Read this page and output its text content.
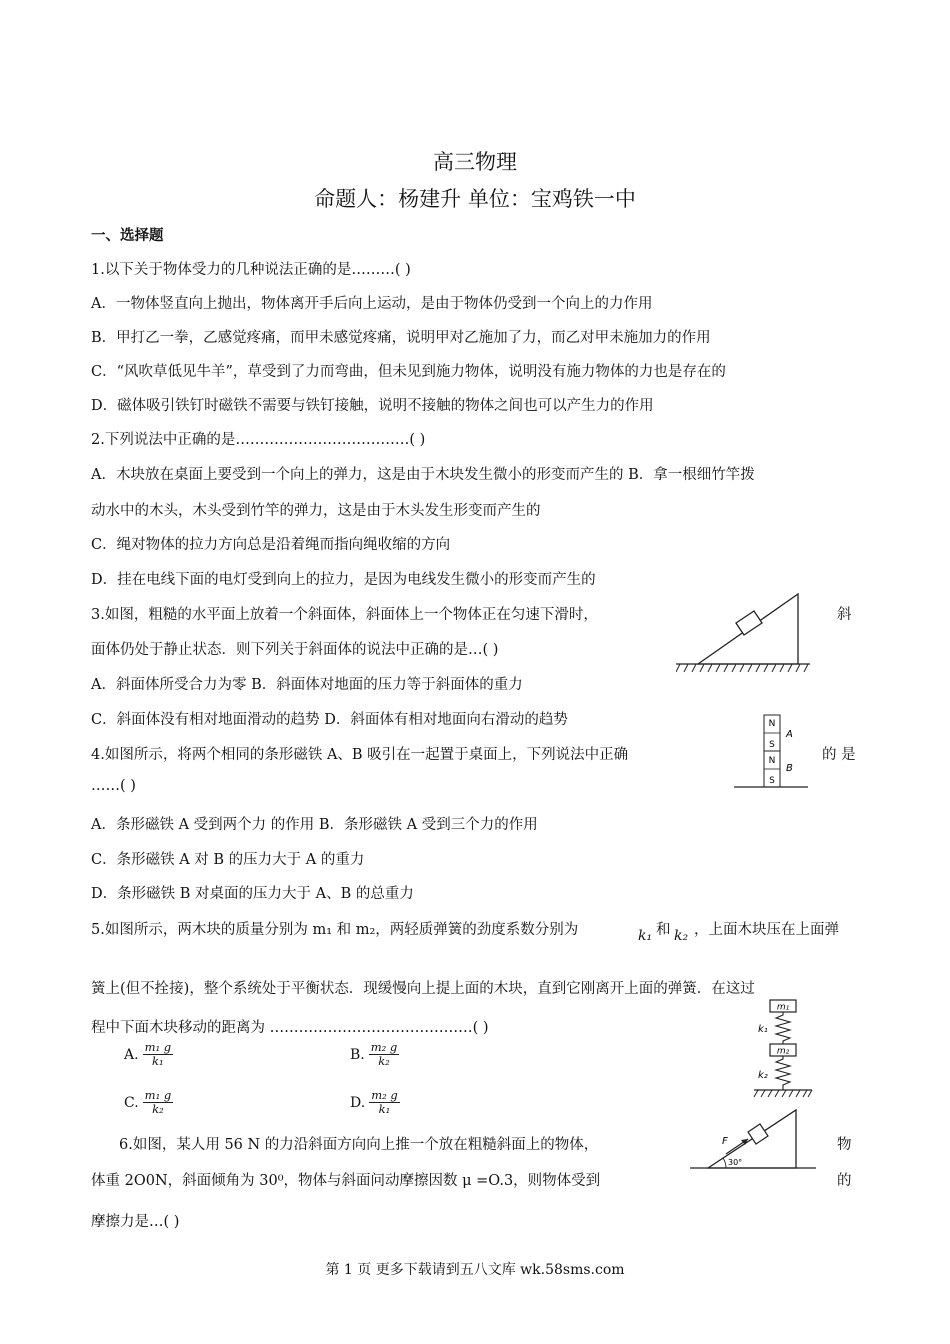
高三物理
命题人：杨建升 单位：宝鸡铁一中
一、选择题
1.以下关于物体受力的几种说法正确的是………( )
A．一物体竖直向上抛出，物体离开手后向上运动，是由于物体仍受到一个向上的力作用
B．甲打乙一拳，乙感觉疼痛，而甲未感觉疼痛，说明甲对乙施加了力，而乙对甲未施加力的作用
C．“风吹草低见牛羊”，草受到了力而弯曲，但未见到施力物体，说明没有施力物体的力也是存在的
D．磁体吸引铁钉时磁铁不需要与铁钉接触，说明不接触的物体之间也可以产生力的作用
2.下列说法中正确的是………………………………( )
A．木块放在桌面上要受到一个向上的弹力，这是由于木块发生微小的形变而产生的 B．拿一根细竹竿拨
动水中的木头，木头受到竹竿的弹力，这是由于木头发生形变而产生的
C．绳对物体的拉力方向总是沿着绳而指向绳收缩的方向
D．挂在电线下面的电灯受到向上的拉力，是因为电线发生微小的形变而产生的
3.如图，粗糙的水平面上放着一个斜面体，斜面体上一个物体正在匀速下滑时，	斜
面体仍处于静止状态．则下列关于斜面体的说法中正确的是…( )
A．斜面体所受合力为零 B．斜面体对地面的压力等于斜面体的重力
C．斜面体没有相对地面滑动的趋势 D．斜面体有相对地面向右滑动的趋势
4.如图所示，将两个相同的条形磁铁 A、B 吸引在一起置于桌面上，下列说法中正确	的 是
……( )
A．条形磁铁 A 受到两个力 的作用 B．条形磁铁 A 受到三个力的作用
C．条形磁铁 A 对 B 的压力大于 A 的重力
D．条形磁铁 B 对桌面的压力大于 A、B 的总重力
N
S
N
S
A
B
5.如图所示，两木块的质量分别为 m₁ 和 m₂，两轻质弹簧的劲度系数分别为	k₁ 和 k₂ ，上面木块压在上面弹
簧上(但不拴接)，整个系统处于平衡状态．现缓慢向上提上面的木块，直到它刚离开上面的弹簧．在这过
程中下面木块移动的距离为 ……………………………………( )
A. $\frac{\text{m₁ g}}{\text{k₁}}$	B. $\frac{\text{m₂ g}}{\text{k₂}}$
C. $\frac{\text{m₁ g}}{\text{k₂}}$	D. $\frac{\text{m₂ g}}{\text{k₁}}$
m₁
k₁
m₂
k₂
6.如图，某人用 56 N 的力沿斜面方向向上推一个放在粗糙斜面上的物体，	物
体重 2O0N，斜面倾角为 30⁰，物体与斜面问动摩擦因数 μ =O.3，则物体受到	的
摩擦力是…( )
F
30°
第 1 页 更多下载请到五八文库 wk.58sms.com
